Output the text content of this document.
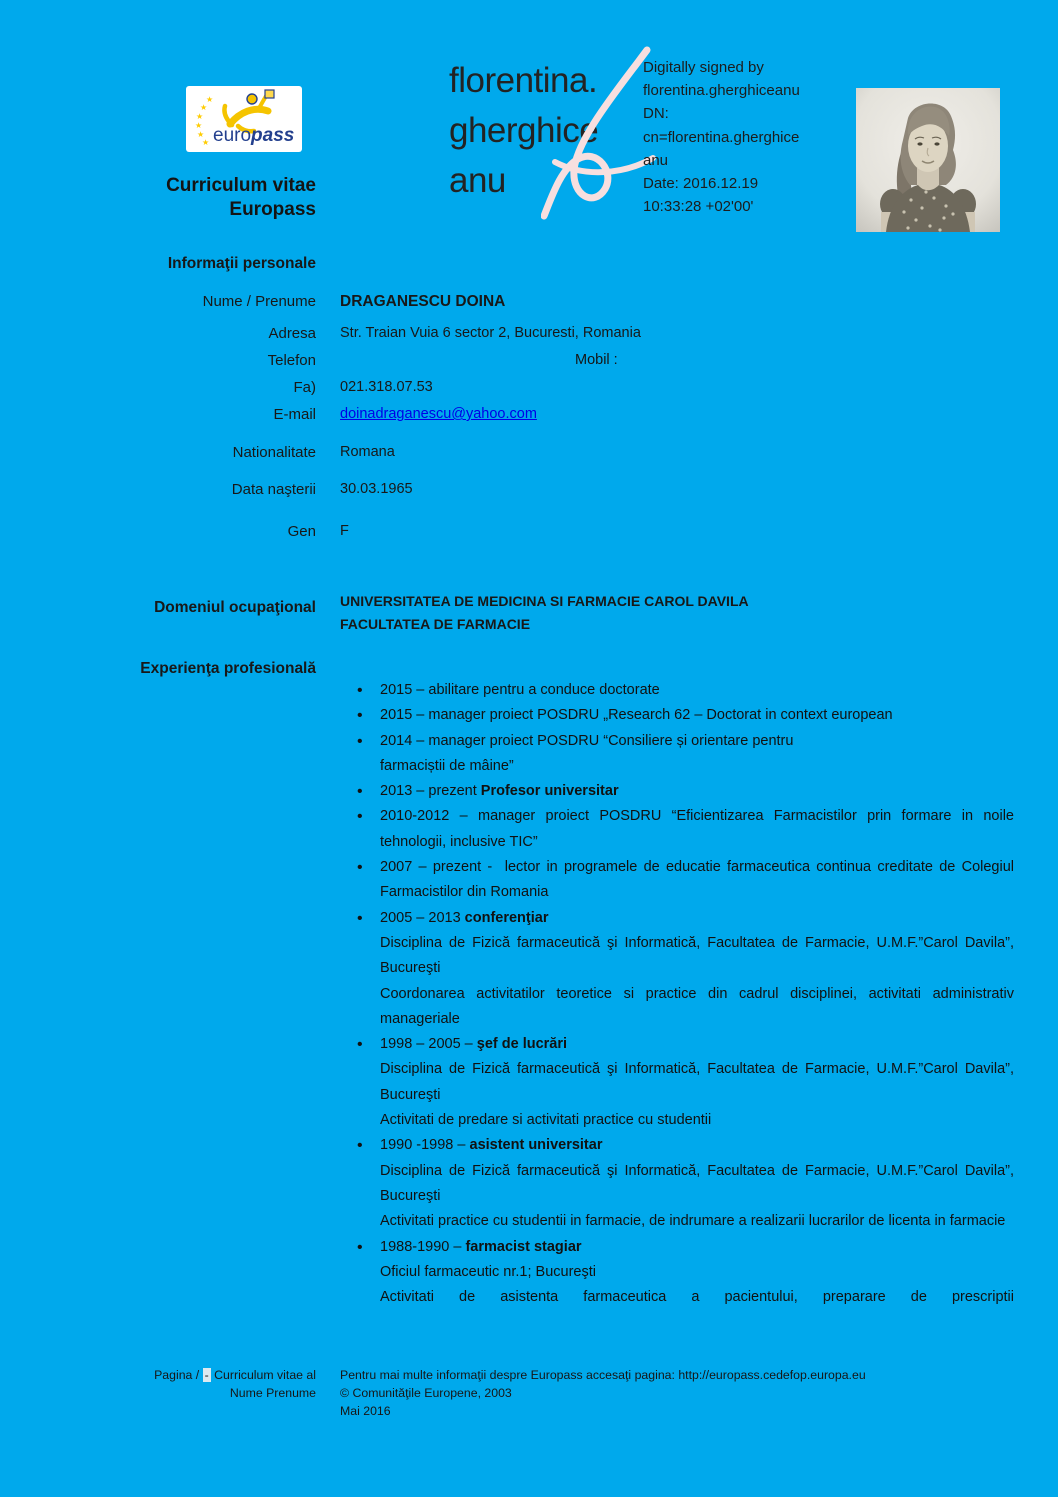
★
★
★
★
★
★ europass
Curriculum vitae
Europass
florentina.
gherghice
anu
Digitally signed by
florentina.gherghiceanu
DN:
cn=florentina.gherghice
anu
Date: 2016.12.19
10:33:28 +02'00'
Informaţii personale
Nume / Prenume DRAGANESCU DOINA
Adresa Str. Traian Vuia 6 sector 2, Bucuresti, Romania
Telefon	Mobil :
Fa) 021.318.07.53
E-mail doinadraganescu@yahoo.com
Nationalitate Romana
Data naşterii 30.03.1965
Gen F
Domeniul ocupaţional UNIVERSITATEA DE MEDICINA SI FARMACIE CAROL DAVILA
FACULTATEA DE FARMACIE
Experienţa profesională

• 2015 – abilitare pentru a conduce doctorate

• 2015 – manager proiect POSDRU „Research 62 – Doctorat in context european

• 2014 – manager proiect POSDRU “Consiliere și orientare pentru

farmaciștii de mâine”

• 2013 – prezent Profesor universitar

• 2010-2012 – manager proiect POSDRU “Eficientizarea Farmacistilor prin formare in noile tehnologii, inclusive TIC”

• 2007 – prezent -  lector in programele de educatie farmaceutica continua creditate de Colegiul Farmacistilor din Romania

• 2005 – 2013 conferenţiar

Disciplina de Fizică farmaceutică şi Informatică, Facultatea de Farmacie, U.M.F.”Carol Davila”, Bucureşti

Coordonarea activitatilor teoretice si practice din cadrul disciplinei, activitati administrativ manageriale

• 1998 – 2005 – şef de lucrări

Disciplina de Fizică farmaceutică şi Informatică, Facultatea de Farmacie, U.M.F.”Carol Davila”, Bucureşti

Activitati de predare si activitati practice cu studentii

• 1990 -1998 – asistent universitar

Disciplina de Fizică farmaceutică şi Informatică, Facultatea de Farmacie, U.M.F.”Carol Davila”, Bucureşti

Activitati practice cu studentii in farmacie, de indrumare a realizarii lucrarilor de licenta in farmacie

• 1988-1990 – farmacist stagiar

Oficiul farmaceutic nr.1; Bucureşti

Activitati de asistenta farmaceutica a pacientului, preparare de prescriptii

Pagina / - Curriculum vitae al
Nume Prenume
Pentru mai multe informaţii despre Europass accesaţi pagina: http://europass.cedefop.europa.eu
© Comunităţile Europene, 2003
Mai 2016
